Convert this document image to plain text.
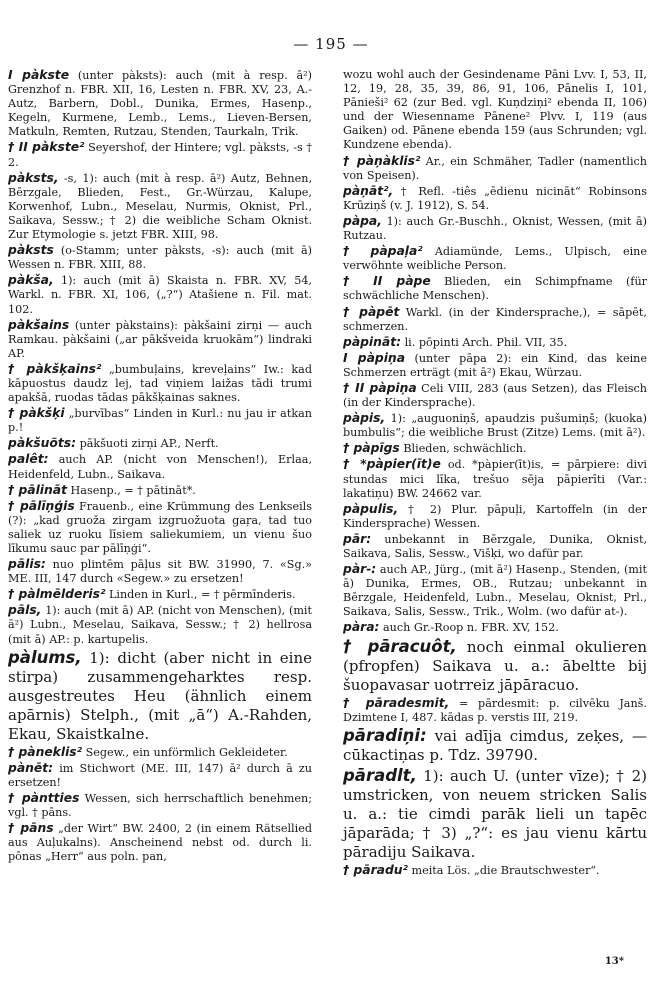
— 195 —

I pàkste (unter pàksts): auch (mit à resp. ā²) Grenzhof n. FBR. XII, 16, Lesten n. FBR. XV, 23, A.-Autz, Barbern, Dobl., Dunika, Ermes, Hasenp., Kegeln, Kurmene, Lemb., Lems., Lieven-Bersen, Matkuln, Remten, Rutzau, Stenden, Taurkaln, Trik.

† II pàkste² Seyershof, der Hintere; vgl. pàksts, -s † 2.

pàksts, -s, 1): auch (mit à resp. ā²) Autz, Behnen, Bērzgale, Blieden, Fest., Gr.-Würzau, Kalupe, Korwenhof, Lubn., Meselau, Nurmis, Oknist, Prl., Saikava, Sessw.; † 2) die weibliche Scham Oknist. Zur Etymologie s. jetzt FBR. XIII, 98.

pàksts (o-Stamm; unter pàksts, -s): auch (mit ā) Wessen n. FBR. XIII, 88.

pàkša, 1): auch (mit ā) Skaista n. FBR. XV, 54, Warkl. n. FBR. XI, 106, („?“) Atašiene n. Fil. mat. 102.

pàkšains (unter pàkstains): pàkšaini zirņi — auch Ramkau. pàkšaini („ar pākšveida kruokām“) lindraki AP.

† pàkšķains² „bumbuļains, kreveļains“ Iw.: kad kāpuostus daudz lej, tad viņiem laižas tādi trumi apakšā, ruodas tādas pākšķainas saknes.

† pàkšķi „burvības“ Linden in Kurl.: nu jau ir atkan p.!

pàkšuõts: pākšuoti zirņi AP., Nerft.

palêt: auch AP. (nicht von Menschen!), Erlaa, Heidenfeld, Lubn., Saikava.

† pālināt Hasenp., = † pātināt*.

† pālīņģis Frauenb., eine Krümmung des Lenkseils (?): „kad gruoža zirgam izgruožuota gaŗa, tad tuo saliek uz ruoku līsiem saliekumiem, un vienu šuo līkumu sauc par pālīņģi“.

pālis: nuo plintēm pāļus sit BW. 31990, 7. «Sg.» ME. III, 147 durch «Segew.» zu ersetzen!

† pàlmēlderis² Linden in Kurl., = † pērmīnderis.

pāls, 1): auch (mit ā) AP. (nicht von Menschen), (mit ā²) Lubn., Meselau, Saikava, Sessw.; † 2) hellrosa (mit ā) AP.: p. kartupelis.

pàlums, 1): dicht (aber nicht in eine stirpa) zusammengeharktes resp. ausgestreutes Heu (ähnlich einem apārnis) Stelph., (mit „ā“) A.-Rahden, Ekau, Skaistkalne.

† pàneklis² Segew., ein unförmlich Gekleideter.

pànēt: im Stichwort (ME. III, 147) ā² durch ā zu ersetzen!

† pàntties Wessen, sich herrschaftlich benehmen; vgl. † pāns.

† pāns „der Wirt“ BW. 2400, 2 (in einem Rätsellied aus Auļukalns). Anscheinend nebst od. durch li. pōnas „Herr“ aus poln. pan,

wozu wohl auch der Gesindename Pāni Lvv. I, 53, II, 12, 19, 28, 35, 39, 86, 91, 106, Pānelis I, 101, Pānieši² 62 (zur Bed. vgl. Kuņdziņi² ebenda II, 106) und der Wiesenname Pānene² Plvv. I, 119 (aus Gaiken) od. Pānene ebenda 159 (aus Schrunden; vgl. Kundzene ebenda).

† pàņàklis² Ar., ein Schmäher, Tadler (namentlich von Speisen).

pàņāt², † Refl. -tiês „ēdienu nicināt“ Robinsons Krūziņš (v. J. 1912), S. 54.

pàpa, 1): auch Gr.-Buschh., Oknist, Wessen, (mit ā) Rutzau.

† pàpaļa² Adiamünde, Lems., Ulpisch, eine verwöhnte weibliche Person.

† II pàpe Blieden, ein Schimpfname (für schwächliche Menschen).

† pàpēt Warkl. (in der Kindersprache,), = sāpēt, schmerzen.

pàpināt: li. pōpinti Arch. Phil. VII, 35.

I pàpiņa (unter pāpa 2): ein Kind, das keine Schmerzen erträgt (mit ā²) Ekau, Würzau.

† II pàpiņa Celi VIII, 283 (aus Setzen), das Fleisch (in der Kindersprache).

pàpis, 1): „auguoniņš, apaudzis pušumiņš; (kuoka) bumbulis“; die weibliche Brust (Zitze) Lems. (mit ā²).

† pàpīgs Blieden, schwächlich.

† *pàpier(īt)e od. *pàpier(īt)is, = pārpiere: divi stundas mici līka, trešuo sēja pāpierīti (Var.: lakatiņu) BW. 24662 var.

pàpulis, † 2) Plur. pāpuļi, Kartoffeln (in der Kindersprache) Wessen.

pār: unbekannt in Bērzgale, Dunika, Oknist, Saikava, Salis, Sessw., Višķi, wo dafür par.

pàr-: auch AP., Jürg., (mit ā²) Hasenp., Stenden, (mit ā) Dunika, Ermes, OB., Rutzau; unbekannt in Bērzgale, Heidenfeld, Lubn., Meselau, Oknist, Prl., Saikava, Salis, Sessw., Trik., Wolm. (wo dafür at-).

pàra: auch Gr.-Roop n. FBR. XV, 152.

† pāracuôt, noch einmal okulieren (pfropfen) Saikava u. a.: ābeltte bij šuopavasar uotrreiz jāpāracuo.

† pāradesmit, = pārdesmit: p. cilvēku Janš. Dzimtene I, 487. kādas p. verstis III, 219.

pāradiņi: vai adīja cimdus, zeķes, — cūkactiņas p. Tdz. 39790.

pāradlt, 1): auch U. (unter vīze); † 2) umstricken, von neuem stricken Salis u. a.: tie cimdi parāk lieli un tapēc jāparāda; † 3) „?“: es jau vienu kārtu pāradiju Saikava.

† pāradu² meita Lös. „die Brautschwester“.

13*
